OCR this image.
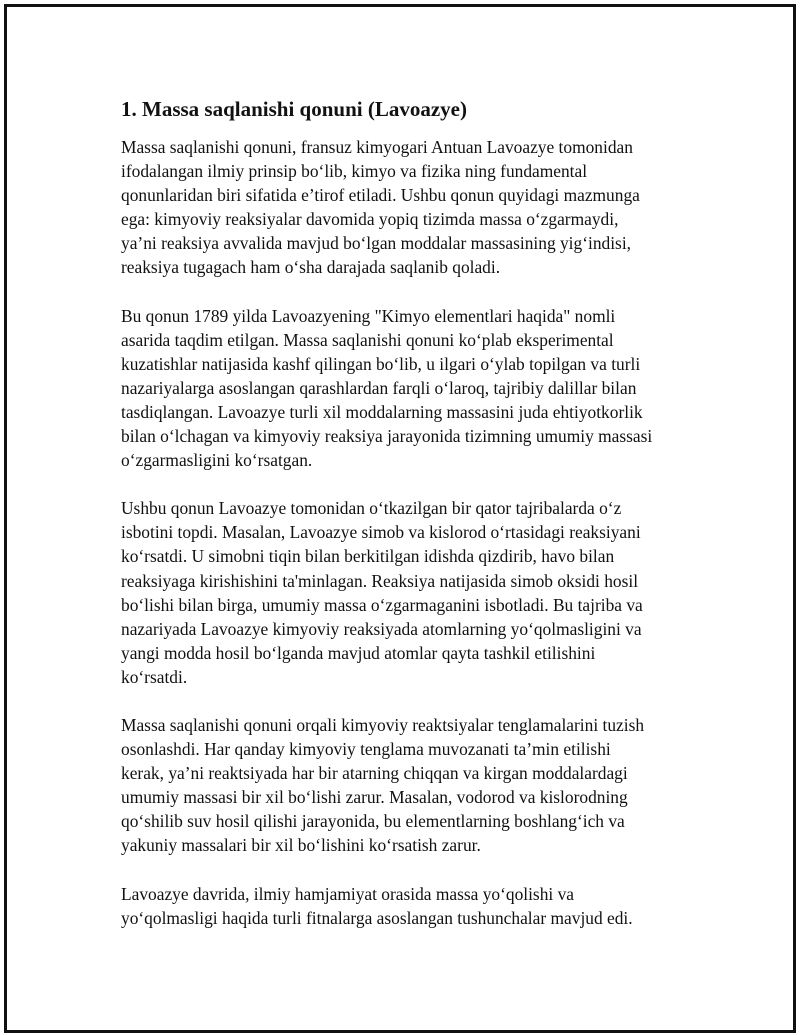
1. Massa saqlanishi qonuni (Lavoazye)

Massa saqlanishi qonuni, fransuz kimyogari Antuan Lavoazye tomonidan
ifodalangan ilmiy prinsip bo‘lib, kimyo va fizika ning fundamental
qonunlaridan biri sifatida e’tirof etiladi. Ushbu qonun quyidagi mazmunga
ega: kimyoviy reaksiyalar davomida yopiq tizimda massa o‘zgarmaydi,
ya’ni reaksiya avvalida mavjud bo‘lgan moddalar massasining yig‘indisi,
reaksiya tugagach ham o‘sha darajada saqlanib qoladi.

Bu qonun 1789 yilda Lavoazyening "Kimyo elementlari haqida" nomli
asarida taqdim etilgan. Massa saqlanishi qonuni ko‘plab eksperimental
kuzatishlar natijasida kashf qilingan bo‘lib, u ilgari o‘ylab topilgan va turli
nazariyalarga asoslangan qarashlardan farqli o‘laroq, tajribiy dalillar bilan
tasdiqlangan. Lavoazye turli xil moddalarning massasini juda ehtiyotkorlik
bilan o‘lchagan va kimyoviy reaksiya jarayonida tizimning umumiy massasi
o‘zgarmasligini ko‘rsatgan.

Ushbu qonun Lavoazye tomonidan o‘tkazilgan bir qator tajribalarda o‘z
isbotini topdi. Masalan, Lavoazye simob va kislorod o‘rtasidagi reaksiyani
ko‘rsatdi. U simobni tiqin bilan berkitilgan idishda qizdirib, havo bilan
reaksiyaga kirishishini ta'minlagan. Reaksiya natijasida simob oksidi hosil
bo‘lishi bilan birga, umumiy massa o‘zgarmaganini isbotladi. Bu tajriba va
nazariyada Lavoazye kimyoviy reaksiyada atomlarning yo‘qolmasligini va
yangi modda hosil bo‘lganda mavjud atomlar qayta tashkil etilishini
ko‘rsatdi.

Massa saqlanishi qonuni orqali kimyoviy reaktsiyalar tenglamalarini tuzish
osonlashdi. Har qanday kimyoviy tenglama muvozanati ta’min etilishi
kerak, ya’ni reaktsiyada har bir atarning chiqqan va kirgan moddalardagi
umumiy massasi bir xil bo‘lishi zarur. Masalan, vodorod va kislorodning
qo‘shilib suv hosil qilishi jarayonida, bu elementlarning boshlang‘ich va
yakuniy massalari bir xil bo‘lishini ko‘rsatish zarur.

Lavoazye davrida, ilmiy hamjamiyat orasida massa yo‘qolishi va
yo‘qolmasligi haqida turli fitnalarga asoslangan tushunchalar mavjud edi.
